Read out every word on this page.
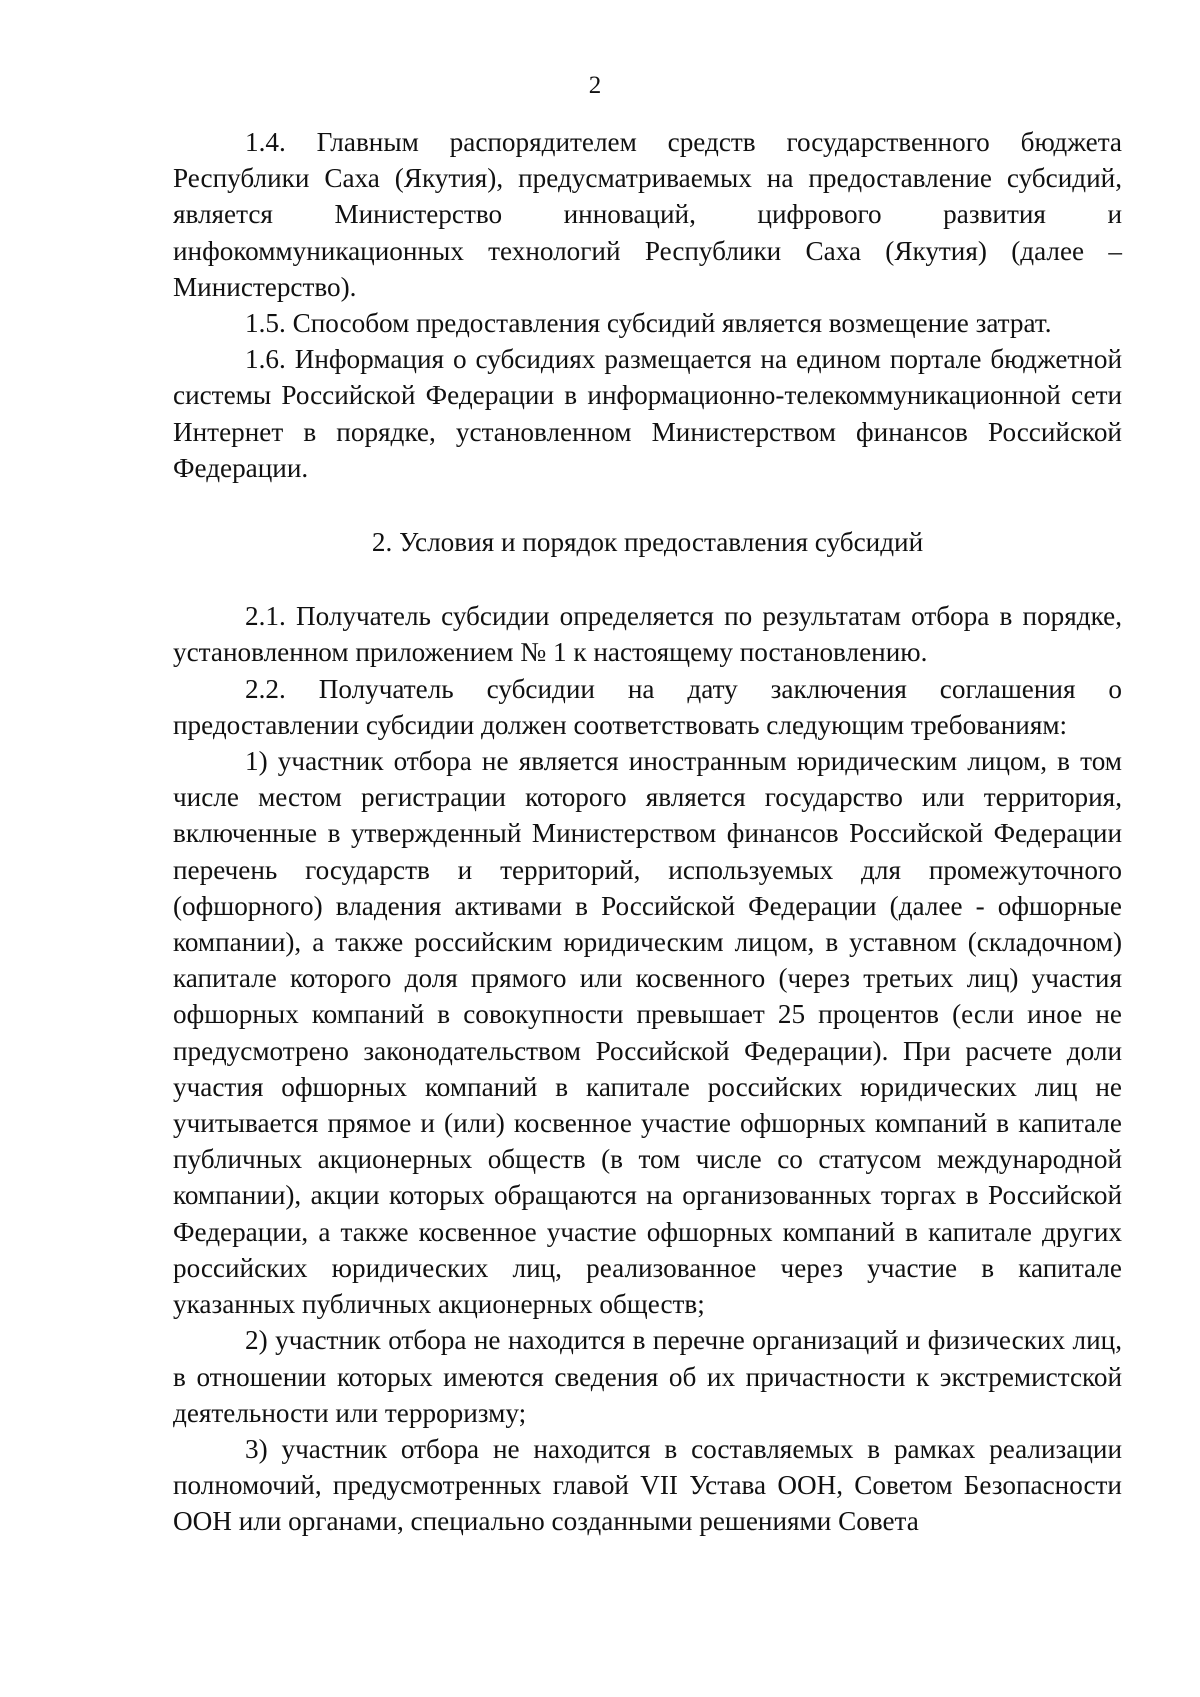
2

1.4. Главным распорядителем средств государственного бюджета Республики Саха (Якутия), предусматриваемых на предоставление субсидий, является Министерство инноваций, цифрового развития и инфокоммуникационных технологий Республики Саха (Якутия) (далее – Министерство).

1.5. Способом предоставления субсидий является возмещение затрат.

1.6. Информация о субсидиях размещается на едином портале бюджетной системы Российской Федерации в информационно-телекоммуникационной сети Интернет в порядке, установленном Министерством финансов Российской Федерации.

2. Условия и порядок предоставления субсидий

2.1. Получатель субсидии определяется по результатам отбора в порядке, установленном приложением № 1 к настоящему постановлению.

2.2. Получатель субсидии на дату заключения соглашения о предоставлении субсидии должен соответствовать следующим требованиям:

1) участник отбора не является иностранным юридическим лицом, в том числе местом регистрации которого является государство или территория, включенные в утвержденный Министерством финансов Российской Федерации перечень государств и территорий, используемых для промежуточного (офшорного) владения активами в Российской Федерации (далее - офшорные компании), а также российским юридическим лицом, в уставном (складочном) капитале которого доля прямого или косвенного (через третьих лиц) участия офшорных компаний в совокупности превышает 25 процентов (если иное не предусмотрено законодательством Российской Федерации). При расчете доли участия офшорных компаний в капитале российских юридических лиц не учитывается прямое и (или) косвенное участие офшорных компаний в капитале публичных акционерных обществ (в том числе со статусом международной компании), акции которых обращаются на организованных торгах в Российской Федерации, а также косвенное участие офшорных компаний в капитале других российских юридических лиц, реализованное через участие в капитале указанных публичных акционерных обществ;

2) участник отбора не находится в перечне организаций и физических лиц, в отношении которых имеются сведения об их причастности к экстремистской деятельности или терроризму;

3) участник отбора не находится в составляемых в рамках реализации полномочий, предусмотренных главой VII Устава ООН, Советом Безопасности ООН или органами, специально созданными решениями Совета
